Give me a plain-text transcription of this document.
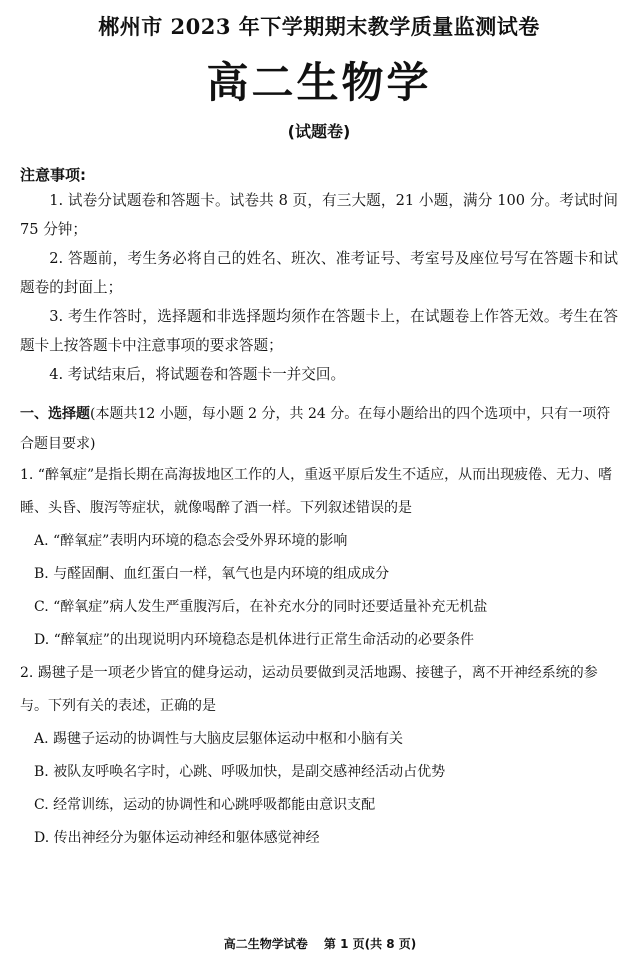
郴州市 2023 年下学期期末教学质量监测试卷
高二生物学
(试题卷)
注意事项:
1. 试卷分试题卷和答题卡。试卷共 8 页，有三大题，21 小题，满分 100 分。考试时间 75 分钟；
2. 答题前，考生务必将自己的姓名、班次、准考证号、考室号及座位号写在答题卡和试题卷的封面上；
3. 考生作答时，选择题和非选择题均须作在答题卡上，在试题卷上作答无效。考生在答题卡上按答题卡中注意事项的要求答题；
4. 考试结束后，将试题卷和答题卡一并交回。
一、选择题(本题共12 小题，每小题 2 分，共 24 分。在每小题给出的四个选项中，只有一项符合题目要求)
1. “醉氧症”是指长期在高海拔地区工作的人，重返平原后发生不适应，从而出现疲倦、无力、嗜睡、头昏、腹泻等症状，就像喝醉了酒一样。下列叙述错误的是
A. “醉氧症”表明内环境的稳态会受外界环境的影响
B. 与醛固酮、血红蛋白一样，氧气也是内环境的组成成分
C. “醉氧症”病人发生严重腹泻后，在补充水分的同时还要适量补充无机盐
D. “醉氧症”的出现说明内环境稳态是机体进行正常生命活动的必要条件
2. 踢毽子是一项老少皆宜的健身运动，运动员要做到灵活地踢、接毽子，离不开神经系统的参与。下列有关的表述，正确的是
A. 踢毽子运动的协调性与大脑皮层躯体运动中枢和小脑有关
B. 被队友呼唤名字时，心跳、呼吸加快，是副交感神经活动占优势
C. 经常训练，运动的协调性和心跳呼吸都能由意识支配
D. 传出神经分为躯体运动神经和躯体感觉神经
高二生物学试卷 第 1 页(共 8 页)
